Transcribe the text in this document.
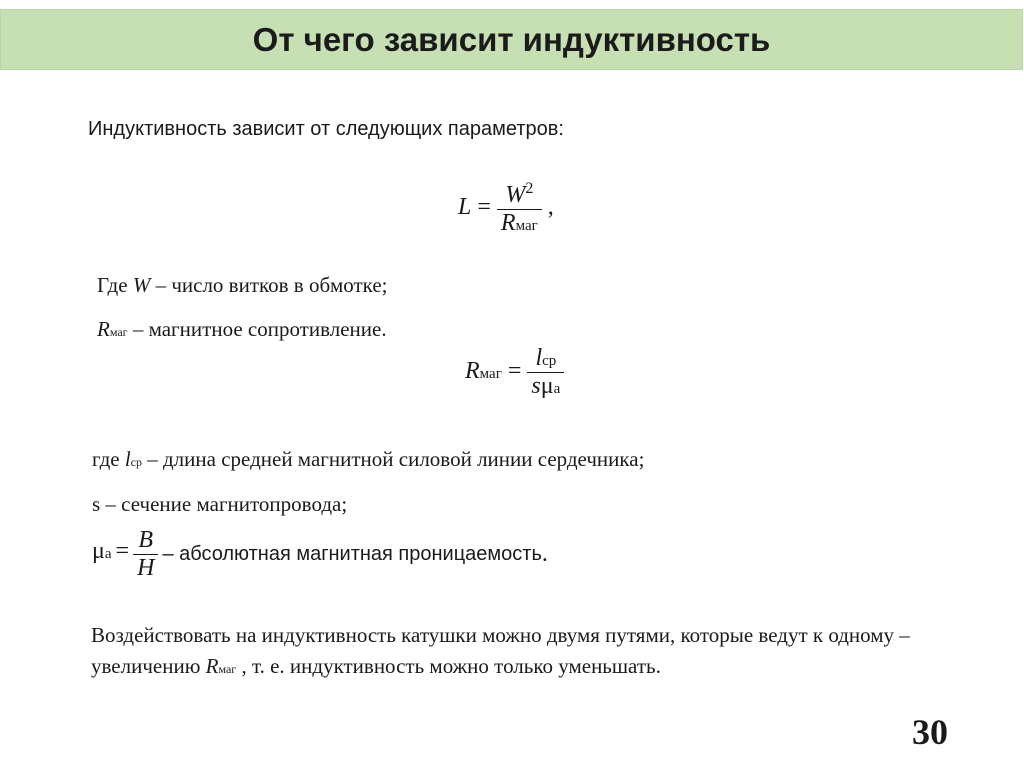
От чего зависит индуктивность
Индуктивность зависит от следующих параметров:
$L = \frac{W^2}{\text{Rмаг}}$ ,
Где W – число витков в обмотке;
Rмаг – магнитное сопротивление.
Rмаг = $\frac{\text{lср}}{\text{sμа}}$
где lср – длина средней магнитной силовой линии сердечника;
s – сечение магнитопровода;
$\mu а = \frac{B}{H}$ – абсолютная магнитная проницаемость.
Воздействовать на индуктивность катушки можно двумя путями, которые ведут к одному – увеличению Rмаг , т. е. индуктивность можно только уменьшать.
30
